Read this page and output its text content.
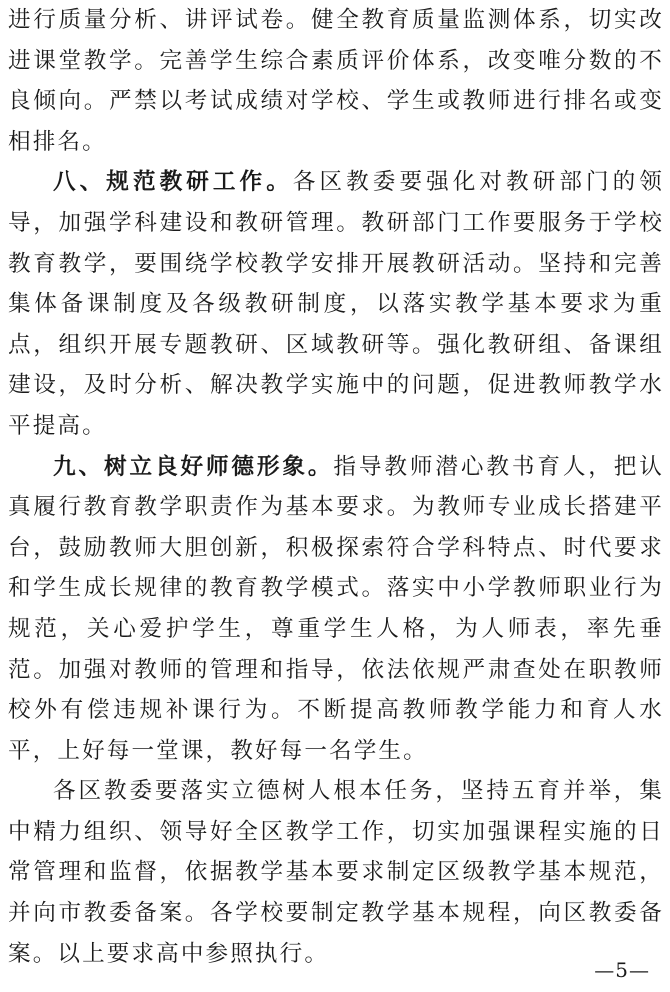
进行质量分析、讲评试卷。健全教育质量监测体系，切实改进课堂教学。完善学生综合素质评价体系，改变唯分数的不良倾向。严禁以考试成绩对学校、学生或教师进行排名或变相排名。

八、规范教研工作。各区教委要强化对教研部门的领导，加强学科建设和教研管理。教研部门工作要服务于学校教育教学，要围绕学校教学安排开展教研活动。坚持和完善集体备课制度及各级教研制度，以落实教学基本要求为重点，组织开展专题教研、区域教研等。强化教研组、备课组建设，及时分析、解决教学实施中的问题，促进教师教学水平提高。

九、树立良好师德形象。指导教师潜心教书育人，把认真履行教育教学职责作为基本要求。为教师专业成长搭建平台，鼓励教师大胆创新，积极探索符合学科特点、时代要求和学生成长规律的教育教学模式。落实中小学教师职业行为规范，关心爱护学生，尊重学生人格，为人师表，率先垂范。加强对教师的管理和指导，依法依规严肃查处在职教师校外有偿违规补课行为。不断提高教师教学能力和育人水平，上好每一堂课，教好每一名学生。

各区教委要落实立德树人根本任务，坚持五育并举，集中精力组织、领导好全区教学工作，切实加强课程实施的日常管理和监督，依据教学基本要求制定区级教学基本规范，并向市教委备案。各学校要制定教学基本规程，向区教委备案。以上要求高中参照执行。

—5—
